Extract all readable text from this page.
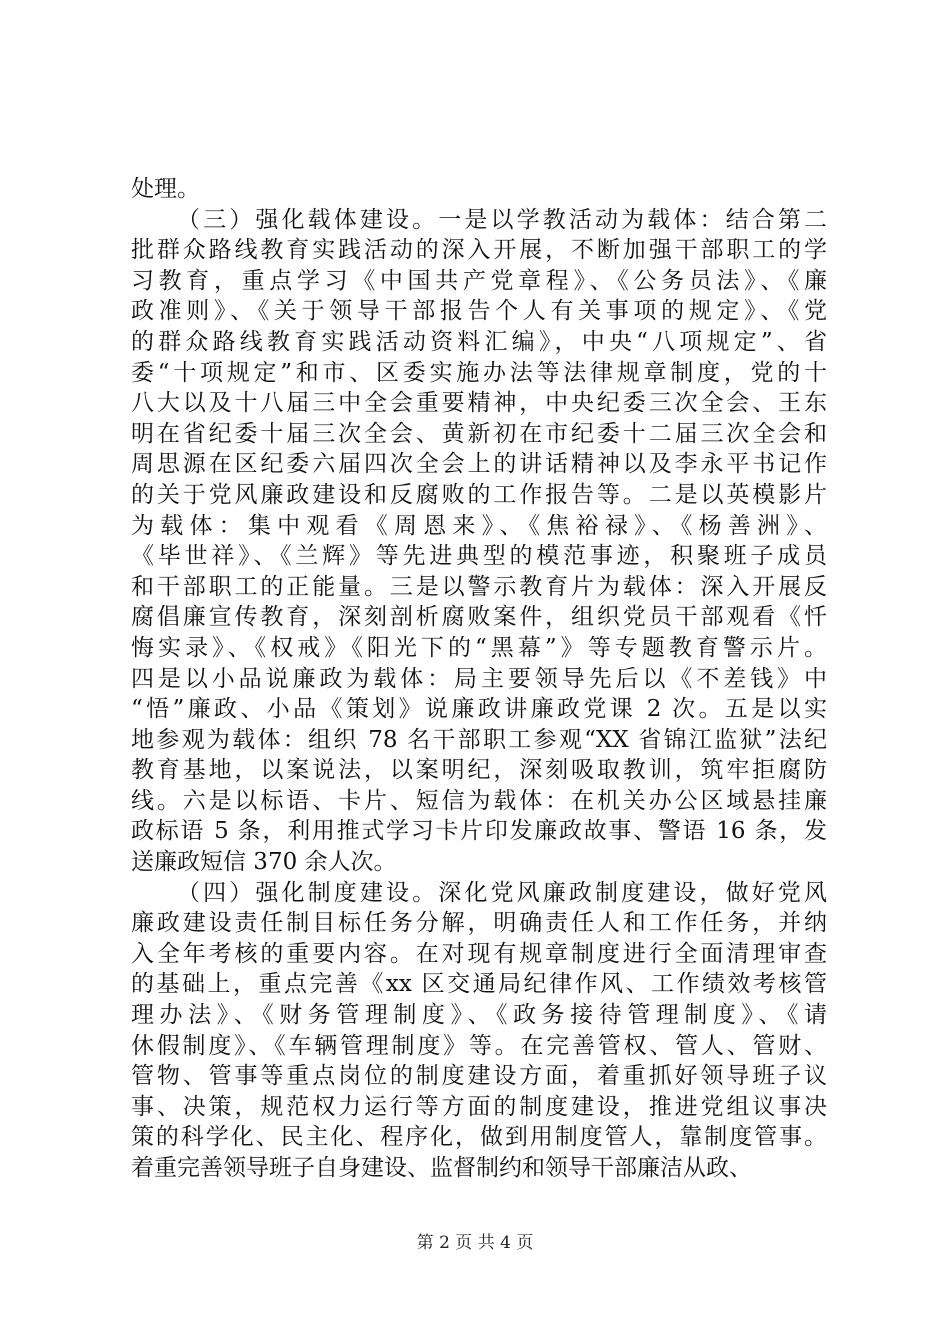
处理。
（三）强化载体建设。一是以学教活动为载体：结合第二
批群众路线教育实践活动的深入开展，不断加强干部职工的学
习教育，重点学习《中国共产党章程》、《公务员法》、《廉
政准则》、《关于领导干部报告个人有关事项的规定》、《党
的群众路线教育实践活动资料汇编》，中央“八项规定”、省
委“十项规定”和市、区委实施办法等法律规章制度，党的十
八大以及十八届三中全会重要精神，中央纪委三次全会、王东
明在省纪委十届三次全会、黄新初在市纪委十二届三次全会和
周思源在区纪委六届四次全会上的讲话精神以及李永平书记作
的关于党风廉政建设和反腐败的工作报告等。二是以英模影片
为载体：集中观看《周恩来》、《焦裕禄》、《杨善洲》、
《毕世祥》、《兰辉》等先进典型的模范事迹，积聚班子成员
和干部职工的正能量。三是以警示教育片为载体：深入开展反
腐倡廉宣传教育，深刻剖析腐败案件，组织党员干部观看《忏
悔实录》、《权戒》《阳光下的“黑幕”》等专题教育警示片。
四是以小品说廉政为载体：局主要领导先后以《不差钱》中
“悟”廉政、小品《策划》说廉政讲廉政党课 2 次。五是以实
地参观为载体：组织 78 名干部职工参观“XX 省锦江监狱”法纪
教育基地，以案说法，以案明纪，深刻吸取教训，筑牢拒腐防
线。六是以标语、卡片、短信为载体：在机关办公区域悬挂廉
政标语 5 条，利用推式学习卡片印发廉政故事、警语 16 条，发
送廉政短信 370 余人次。
（四）强化制度建设。深化党风廉政制度建设，做好党风
廉政建设责任制目标任务分解，明确责任人和工作任务，并纳
入全年考核的重要内容。在对现有规章制度进行全面清理审查
的基础上，重点完善《xx 区交通局纪律作风、工作绩效考核管
理办法》、《财务管理制度》、《政务接待管理制度》、《请
休假制度》、《车辆管理制度》等。在完善管权、管人、管财、
管物、管事等重点岗位的制度建设方面，着重抓好领导班子议
事、决策，规范权力运行等方面的制度建设，推进党组议事决
策的科学化、民主化、程序化，做到用制度管人，靠制度管事。
着重完善领导班子自身建设、监督制约和领导干部廉洁从政、
第 2 页 共 4 页
